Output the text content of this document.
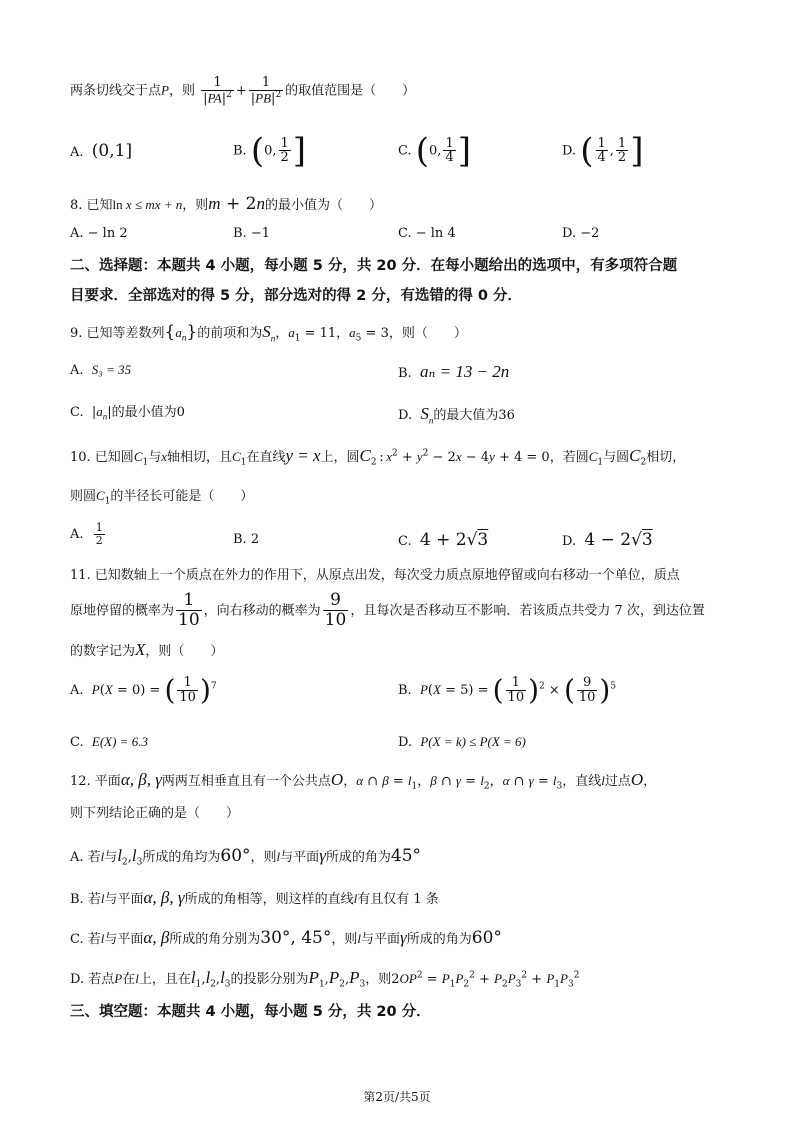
两条切线交于点P，则 $\frac{1}{|PA|^2} + \frac{1}{|PB|^2}$ 的取值范围是（　　）
A. (0,1]	B. (0, $\frac{1}{2}$ ]	C. (0, $\frac{1}{4}$ ]	D. ( $\frac{1}{4}$ , $\frac{1}{2}$ ]
8. 已知ln x ≤ mx + n，则m + 2n的最小值为（　　）
A. − ln 2	B. −1	C. − ln 4	D. −2
二、选择题：本题共 4 小题，每小题 5 分，共 20 分．在每小题给出的选项中，有多项符合题
目要求．全部选对的得 5 分，部分选对的得 2 分，有选错的得 0 分．
9. 已知等差数列$\{a_n\}$的前项和为$S_n$，$a_1 = 11$，$a_5 = 3$，则（　　）
A.  S₃ = 35	B.  aₙ = 13 − 2n
C.  $|a_n|$的最小值为0	D.  $S_n$的最大值为36
10. 已知圆$C_1$与x轴相切，且$C_1$在直线y = x上，圆$C_2$ : $x^2 + y^2 - 2x - 4y + 4 = 0$，若圆$C_1$与圆$C_2$相切，
则圆$C_1$的半径长可能是（　　）
A. $\frac{1}{2}$	B. 2	C. 4 + 2√3	D. 4 − 2√3
11. 已知数轴上一个质点在外力的作用下，从原点出发，每次受力质点原地停留或向右移动一个单位，质点
原地停留的概率为 $\frac{1}{10}$ ，向右移动的概率为 $\frac{9}{10}$ ，且每次是否移动互不影响．若该质点共受力 7 次，到达位置
的数字记为X，则（　　）
A. P(X = 0) = ( $\frac{1}{10} )^7$	B. P(X = 5) = ( $\frac{1}{10} )^2$ × ( $\frac{9}{10} )^5$
C. E(X) = 6.3	D. P(X = k) ≤ P(X = 6)
12. 平面α, β, γ两两互相垂直且有一个公共点O，α ∩ $\beta = l_1$，β ∩ $\gamma = l_2$，α ∩ $\gamma = l_3$，直线l过点O，
则下列结论正确的是（　　）
A. 若l与$l_2,l_3$所成的角均为60°，则l与平面γ所成的角为45°
B. 若l与平面α, β, γ所成的角相等，则这样的直线l有且仅有 1 条
C. 若l与平面α, β所成的角分别为30°, 45°，则l与平面γ所成的角为60°
D. 若点P在l上，且在$l_1,l_2,l_3$的投影分别为$P_1,P_2,P_3$，则$2OP^2 = P_1P_2^2 + P_2P_3^2 + P_1P_3^2$
三、填空题：本题共 4 小题，每小题 5 分，共 20 分．
第2页/共5页
